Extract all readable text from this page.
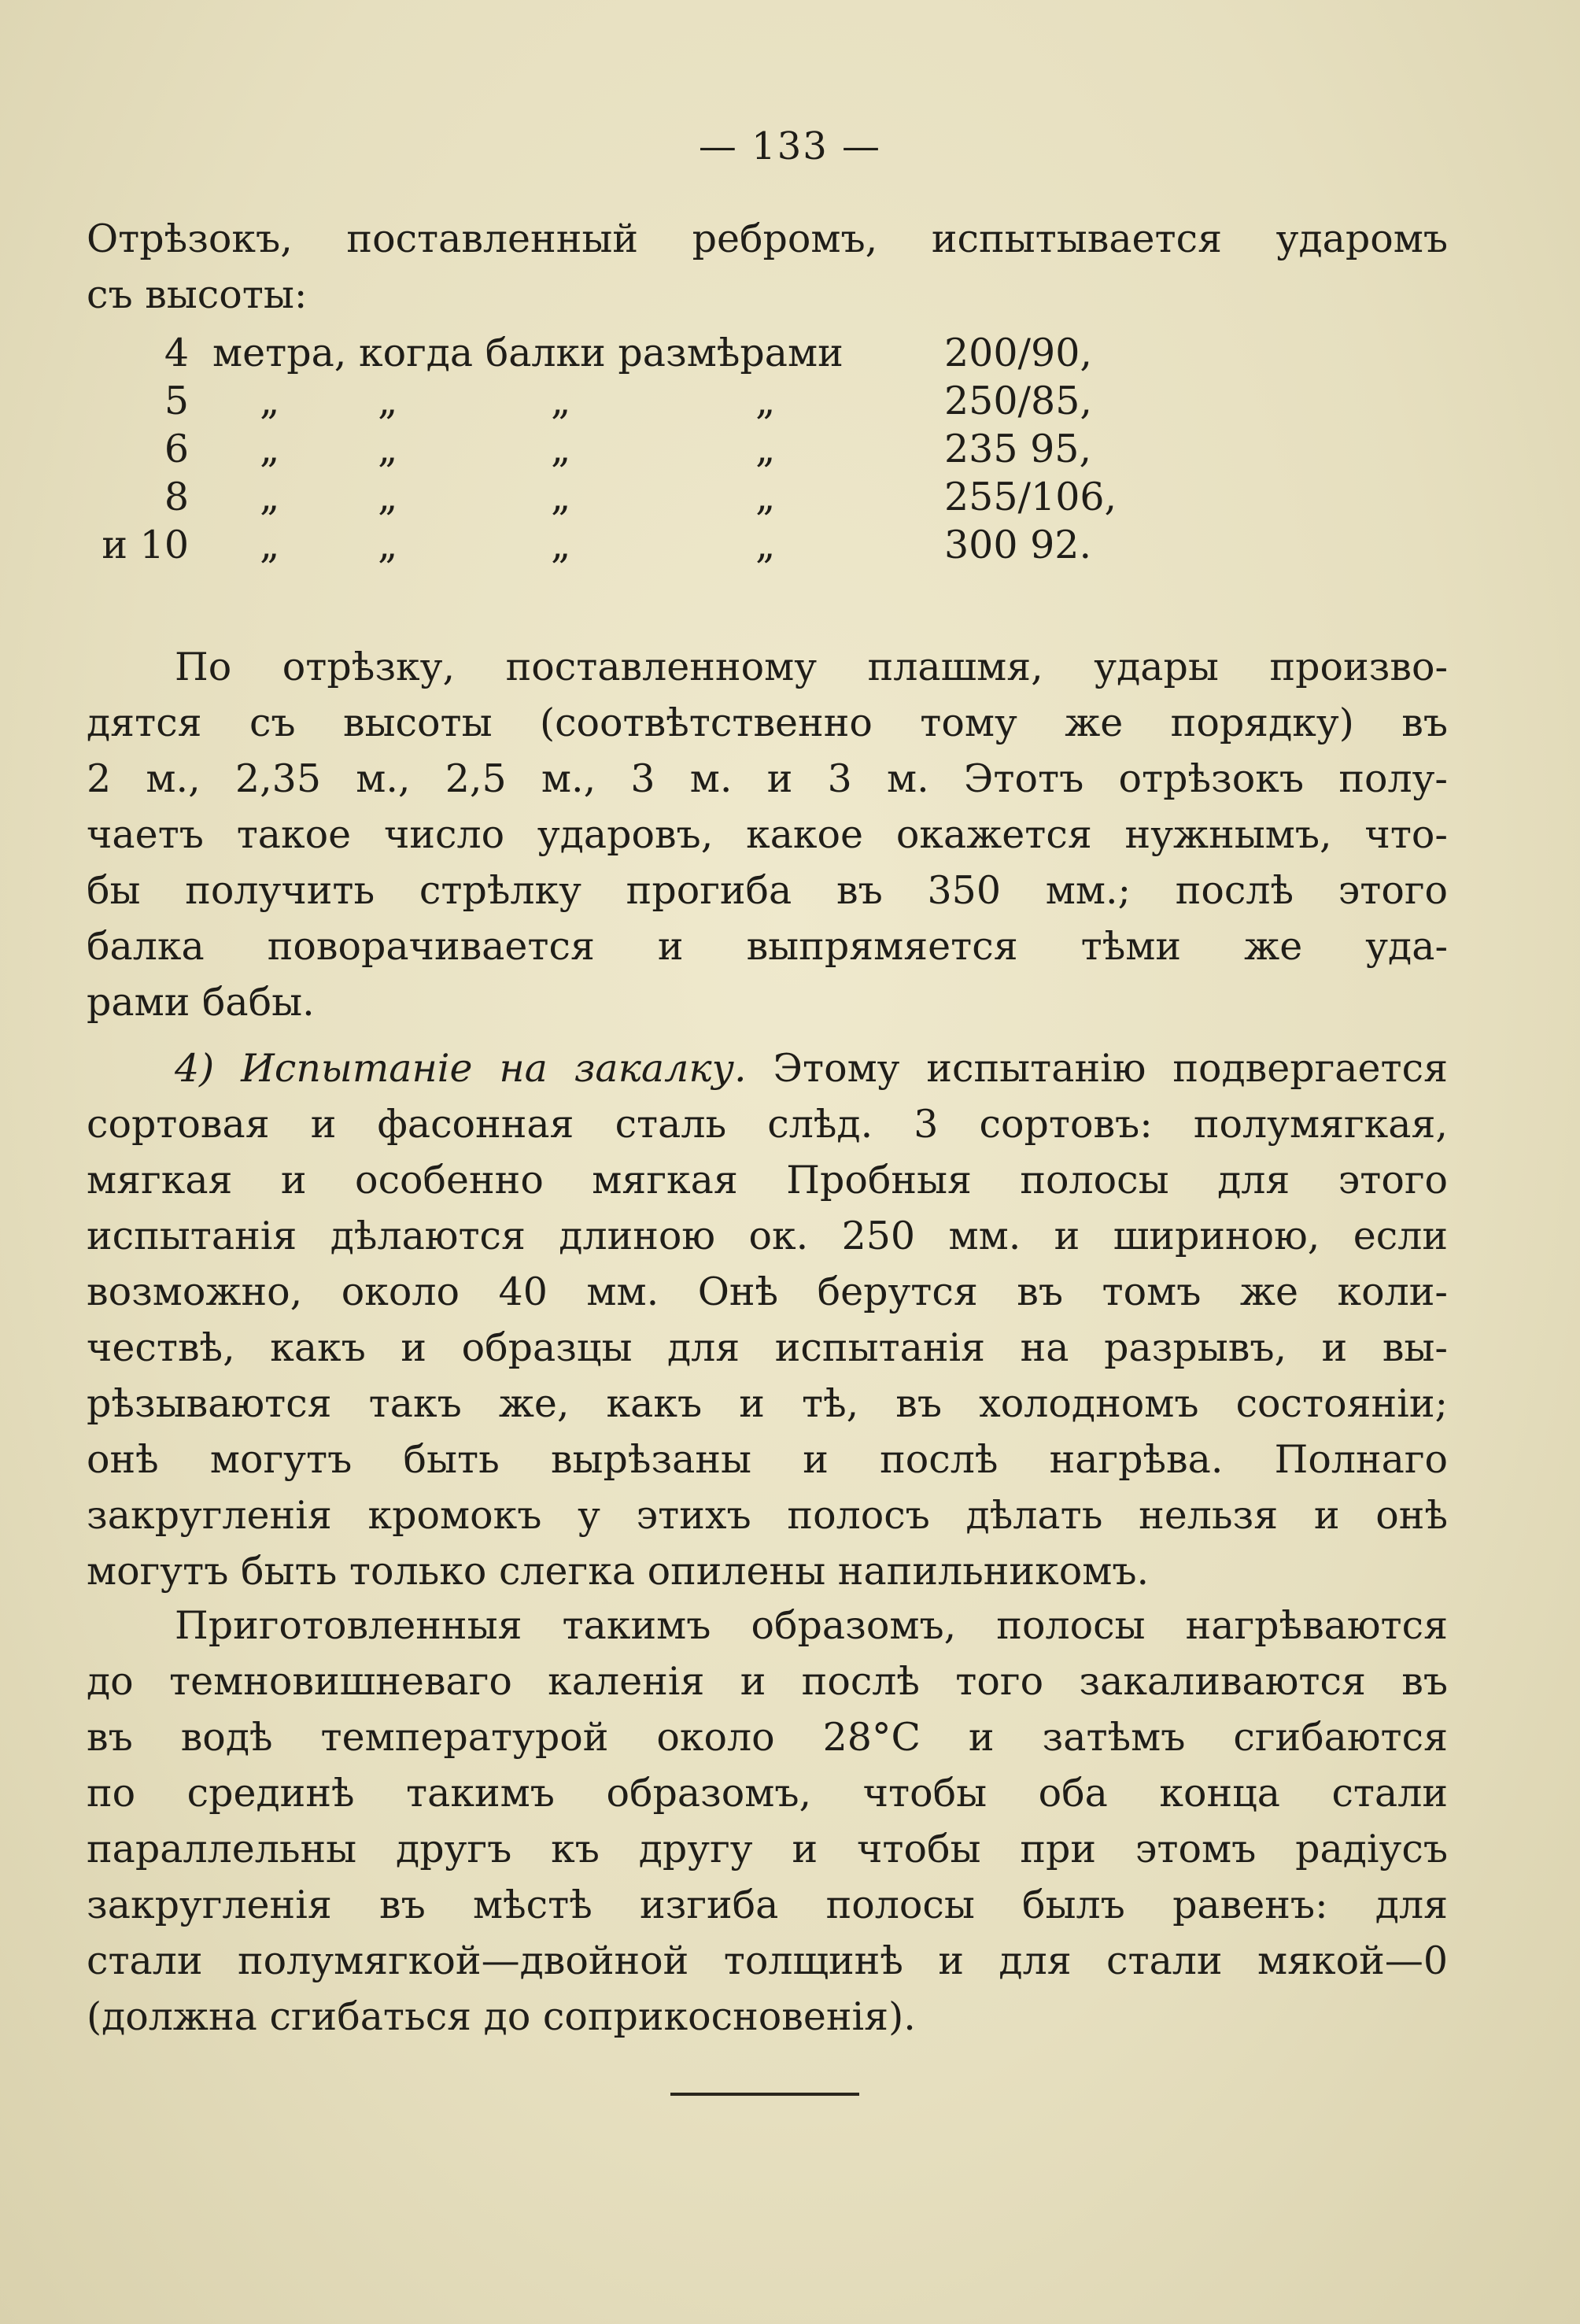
— 133 —
Отрѣзокъ, поставленный ребромъ, испытывается ударомъ
съ высоты:
4 метра, когда балки размѣрами	200/90,
5 „	„	„	„	250/85,
6 „	„	„	„	235 95,
8 „	„	„	„	255/106,
и 10 „	„	„	„	300 92.
По отрѣзку, поставленному плашмя, удары произво-
дятся съ высоты (соотвѣтственно тому же порядку) въ
2 м., 2,35 м., 2,5 м., 3 м. и 3 м. Этотъ отрѣзокъ полу-
чаетъ такое число ударовъ, какое окажется нужнымъ, что-
бы получить стрѣлку прогиба въ 350 мм.; послѣ этого
балка поворачивается и выпрямяется тѣми же уда-
рами бабы.
4) Испытанiе на закалку. Этому испытанiю подвергается
сортовая и фасонная сталь слѣд. 3 сортовъ: полумягкая,
мягкая и особенно мягкая Пробныя полосы для этого
испытанiя дѣлаются длиною ок. 250 мм. и шириною, если
возможно, около 40 мм. Онѣ берутся въ томъ же коли-
чествѣ, какъ и образцы для испытанiя на разрывъ, и вы-
рѣзываются такъ же, какъ и тѣ, въ холодномъ состоянiи;
онѣ могутъ быть вырѣзаны и послѣ нагрѣва. Полнаго
закругленiя кромокъ у этихъ полосъ дѣлать нельзя и онѣ
могутъ быть только слегка опилены напильникомъ.
Приготовленныя такимъ образомъ, полосы нагрѣваются
до темновишневаго каленiя и послѣ того закаливаются въ
въ водѣ температурой около 28°С и затѣмъ сгибаются
по срединѣ такимъ образомъ, чтобы оба конца стали
параллельны другъ къ другу и чтобы при этомъ радiусъ
закругленiя въ мѣстѣ изгиба полосы былъ равенъ: для
стали полумягкой—двойной толщинѣ и для стали мякой—0
(должна сгибаться до соприкосновенiя).
